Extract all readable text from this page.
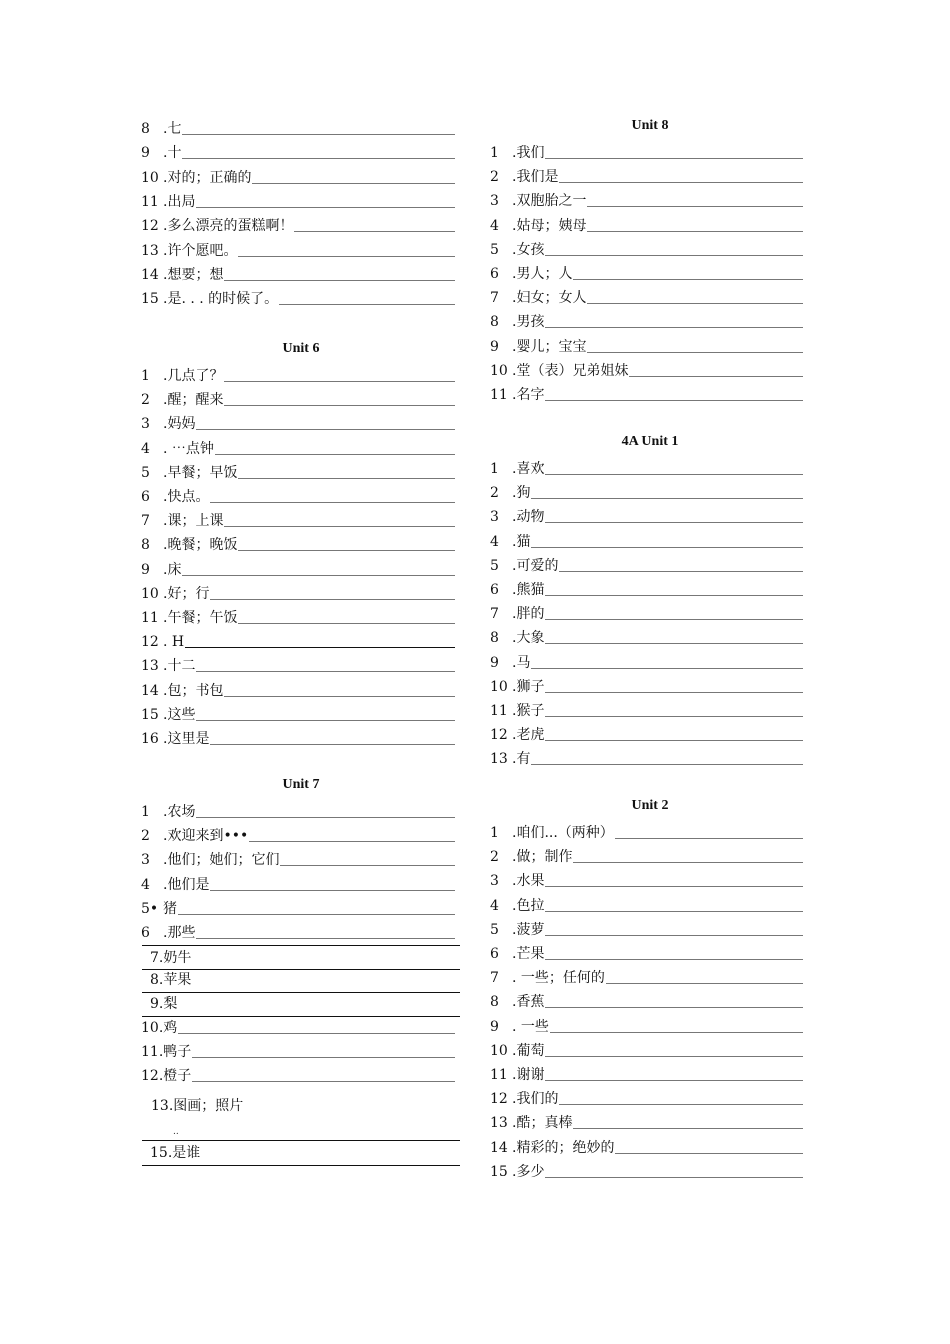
8 .七
9 .十
10 .对的；正确的
11 .出局
12 .多么漂亮的蛋糕啊！
13 .许个愿吧。
14 .想要；想
15 .是. . . 的时候了。
Unit 6
1 .几点了？
2 .醒；醒来
3 .妈妈
4 . ⋯点钟
5 .早餐；早饭
6 .快点。
7 .课；上课
8 .晚餐；晚饭
9 .床
10 .好；行
11 .午餐；午饭
12 . H
13 .十二
14 .包；书包
15 .这些
16 .这里是
Unit 7
1 .农场
2 .欢迎来到•••
3 .他们；她们；它们
4 .他们是
5• 猪
6 .那些
7.奶牛
8.苹果
9.梨
10.鸡
11.鸭子
12.橙子
13.图画；照片
..
15.是谁
Unit 8
1 .我们
2 .我们是
3 .双胞胎之一
4 .姑母；姨母
5 .女孩
6 .男人；人
7 .妇女；女人
8 .男孩
9 .婴儿；宝宝
10 .堂（表）兄弟姐妹
11 .名字
4A Unit 1
1 .喜欢
2 .狗
3 .动物
4 .猫
5 .可爱的
6 .熊猫
7 .胖的
8 .大象
9 .马
10 .狮子
11 .猴子
12 .老虎
13 .有
Unit 2
1 .咱们...（两种）
2 .做；制作
3 .水果
4 .色拉
5 .菠萝
6 .芒果
7 . 一些；任何的
8 .香蕉
9 . 一些
10 .葡萄
11 .谢谢
12 .我们的
13 .酷；真棒
14 .精彩的；绝妙的
15 .多少
